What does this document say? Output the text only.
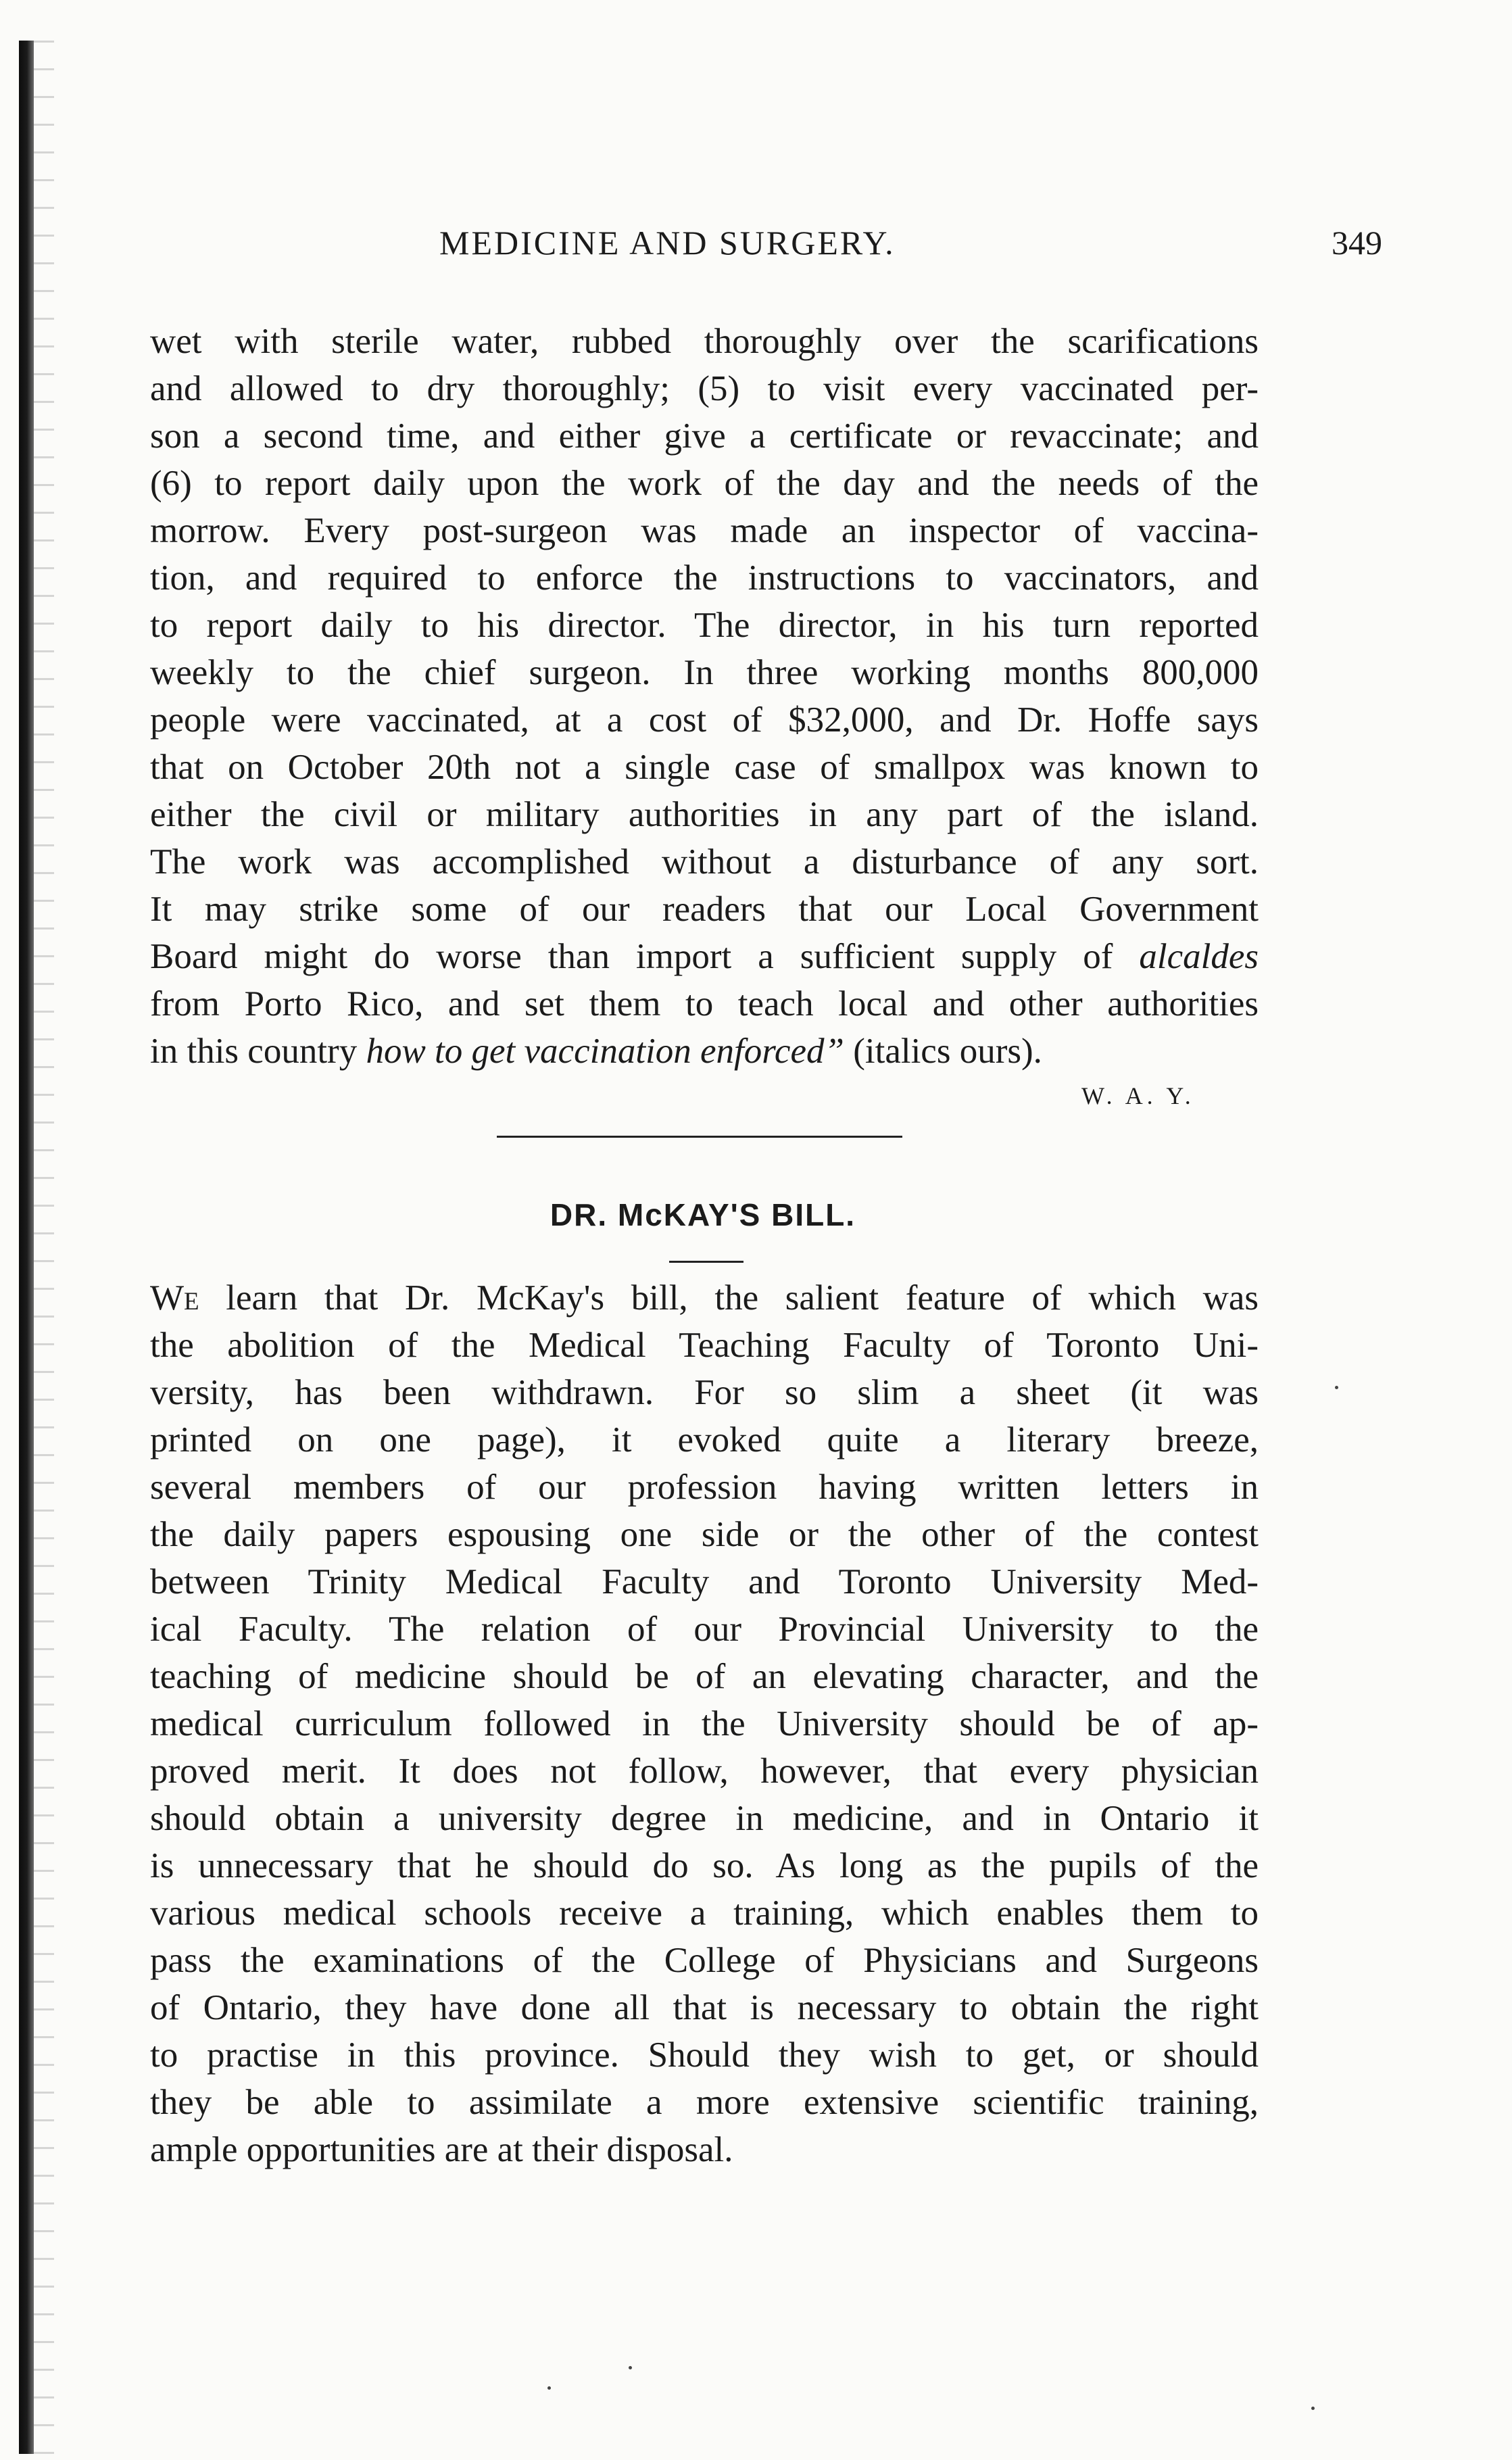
MEDICINE AND SURGERY.	349
wet with sterile water, rubbed thoroughly over the scarifications
and allowed to dry thoroughly; (5) to visit every vaccinated per-
son a second time, and either give a certificate or revaccinate; and
(6) to report daily upon the work of the day and the needs of the
morrow. Every post-surgeon was made an inspector of vaccina-
tion, and required to enforce the instructions to vaccinators, and
to report daily to his director. The director, in his turn reported
weekly to the chief surgeon. In three working months 800,000
people were vaccinated, at a cost of $32,000, and Dr. Hoffe says
that on October 20th not a single case of smallpox was known to
either the civil or military authorities in any part of the island.
The work was accomplished without a disturbance of any sort.
It may strike some of our readers that our Local Government
Board might do worse than import a sufficient supply of alcaldes
from Porto Rico, and set them to teach local and other authorities
in this country how to get vaccination enforced” (italics ours).
W. A. Y.
DR. McKAY'S BILL.
We learn that Dr. McKay's bill, the salient feature of which was
the abolition of the Medical Teaching Faculty of Toronto Uni-
versity, has been withdrawn. For so slim a sheet (it was
printed on one page), it evoked quite a literary breeze,
several members of our profession having written letters in
the daily papers espousing one side or the other of the contest
between Trinity Medical Faculty and Toronto University Med-
ical Faculty. The relation of our Provincial University to the
teaching of medicine should be of an elevating character, and the
medical curriculum followed in the University should be of ap-
proved merit. It does not follow, however, that every physician
should obtain a university degree in medicine, and in Ontario it
is unnecessary that he should do so. As long as the pupils of the
various medical schools receive a training, which enables them to
pass the examinations of the College of Physicians and Surgeons
of Ontario, they have done all that is necessary to obtain the right
to practise in this province. Should they wish to get, or should
they be able to assimilate a more extensive scientific training,
ample opportunities are at their disposal.
